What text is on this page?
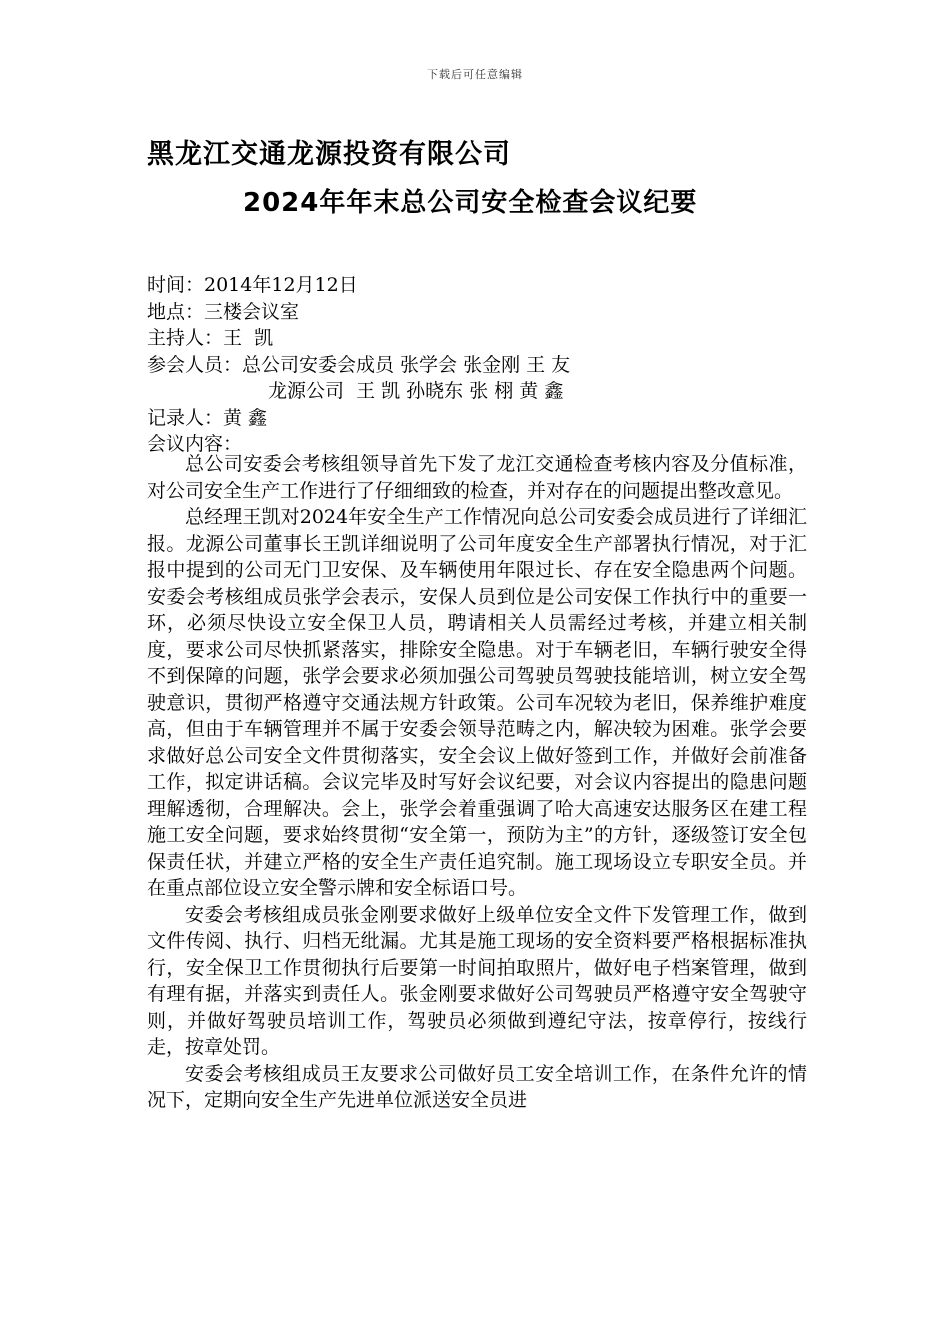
下载后可任意编辑
黑龙江交通龙源投资有限公司
2024年年末总公司安全检查会议纪要
时间：2014年12月12日
地点：三楼会议室
主持人：王  凯
参会人员：总公司安委会成员 张学会 张金刚 王 友
龙源公司  王 凯 孙晓东 张 栩 黄 鑫
记录人：黄 鑫
会议内容：

总公司安委会考核组领导首先下发了龙江交通检查考核内容及分值标准，对公司安全生产工作进行了仔细细致的检查，并对存在的问题提出整改意见。

总经理王凯对2024年安全生产工作情况向总公司安委会成员进行了详细汇报。龙源公司董事长王凯详细说明了公司年度安全生产部署执行情况，对于汇报中提到的公司无门卫安保、及车辆使用年限过长、存在安全隐患两个问题。安委会考核组成员张学会表示，安保人员到位是公司安保工作执行中的重要一环，必须尽快设立安全保卫人员，聘请相关人员需经过考核，并建立相关制度，要求公司尽快抓紧落实，排除安全隐患。对于车辆老旧，车辆行驶安全得不到保障的问题，张学会要求必须加强公司驾驶员驾驶技能培训，树立安全驾驶意识，贯彻严格遵守交通法规方针政策。公司车况较为老旧，保养维护难度高，但由于车辆管理并不属于安委会领导范畴之内，解决较为困难。张学会要求做好总公司安全文件贯彻落实，安全会议上做好签到工作，并做好会前准备工作，拟定讲话稿。会议完毕及时写好会议纪要，对会议内容提出的隐患问题理解透彻，合理解决。会上，张学会着重强调了哈大高速安达服务区在建工程施工安全问题，要求始终贯彻“安全第一，预防为主”的方针，逐级签订安全包保责任状，并建立严格的安全生产责任追究制。施工现场设立专职安全员。并在重点部位设立安全警示牌和安全标语口号。

安委会考核组成员张金刚要求做好上级单位安全文件下发管理工作，做到文件传阅、执行、归档无纰漏。尤其是施工现场的安全资料要严格根据标准执行，安全保卫工作贯彻执行后要第一时间拍取照片，做好电子档案管理，做到有理有据，并落实到责任人。张金刚要求做好公司驾驶员严格遵守安全驾驶守则，并做好驾驶员培训工作，驾驶员必须做到遵纪守法，按章停行，按线行走，按章处罚。

安委会考核组成员王友要求公司做好员工安全培训工作，在条件允许的情况下，定期向安全生产先进单位派送安全员进
